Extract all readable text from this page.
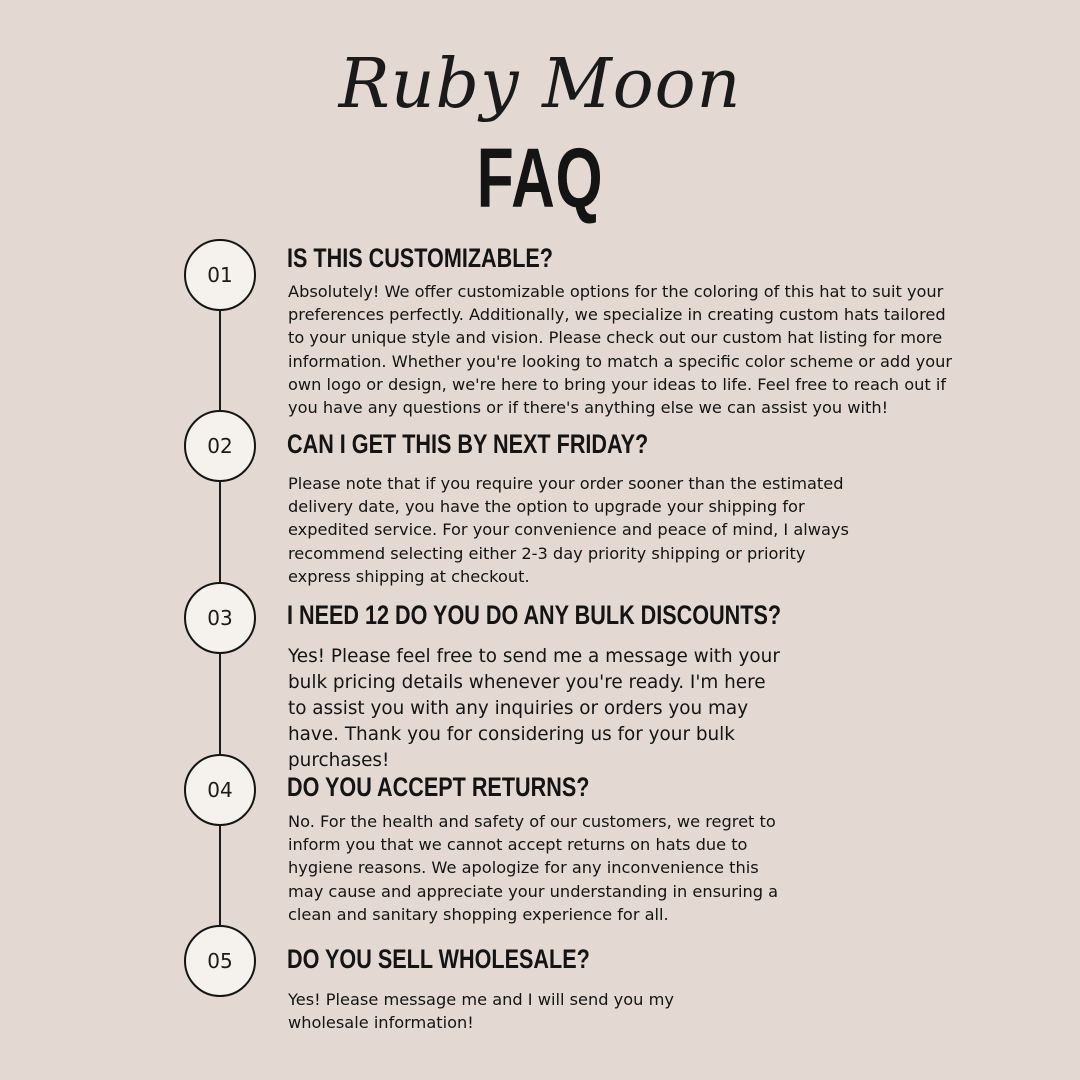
Ruby Moon
FAQ
01
IS THIS CUSTOMIZABLE?

Absolutely! We offer customizable options for the coloring of this hat to suit your preferences perfectly. Additionally, we specialize in creating custom hats tailored to your unique style and vision. Please check out our custom hat listing for more information. Whether you're looking to match a specific color scheme or add your own logo or design, we're here to bring your ideas to life. Feel free to reach out if you have any questions or if there's anything else we can assist you with!

02	CAN I GET THIS BY NEXT FRIDAY?

Please note that if you require your order sooner than the estimated delivery date, you have the option to upgrade your shipping for expedited service. For your convenience and peace of mind, I always recommend selecting either 2-3 day priority shipping or priority express shipping at checkout.

03	I NEED 12 DO YOU DO ANY BULK DISCOUNTS?

Yes! Please feel free to send me a message with your bulk pricing details whenever you're ready. I'm here to assist you with any inquiries or orders you may have. Thank you for considering us for your bulk purchases!

04	DO YOU ACCEPT RETURNS?

No. For the health and safety of our customers, we regret to inform you that we cannot accept returns on hats due to hygiene reasons. We apologize for any inconvenience this may cause and appreciate your understanding in ensuring a clean and sanitary shopping experience for all.

05	DO YOU SELL WHOLESALE?

Yes! Please message me and I will send you my wholesale information!
